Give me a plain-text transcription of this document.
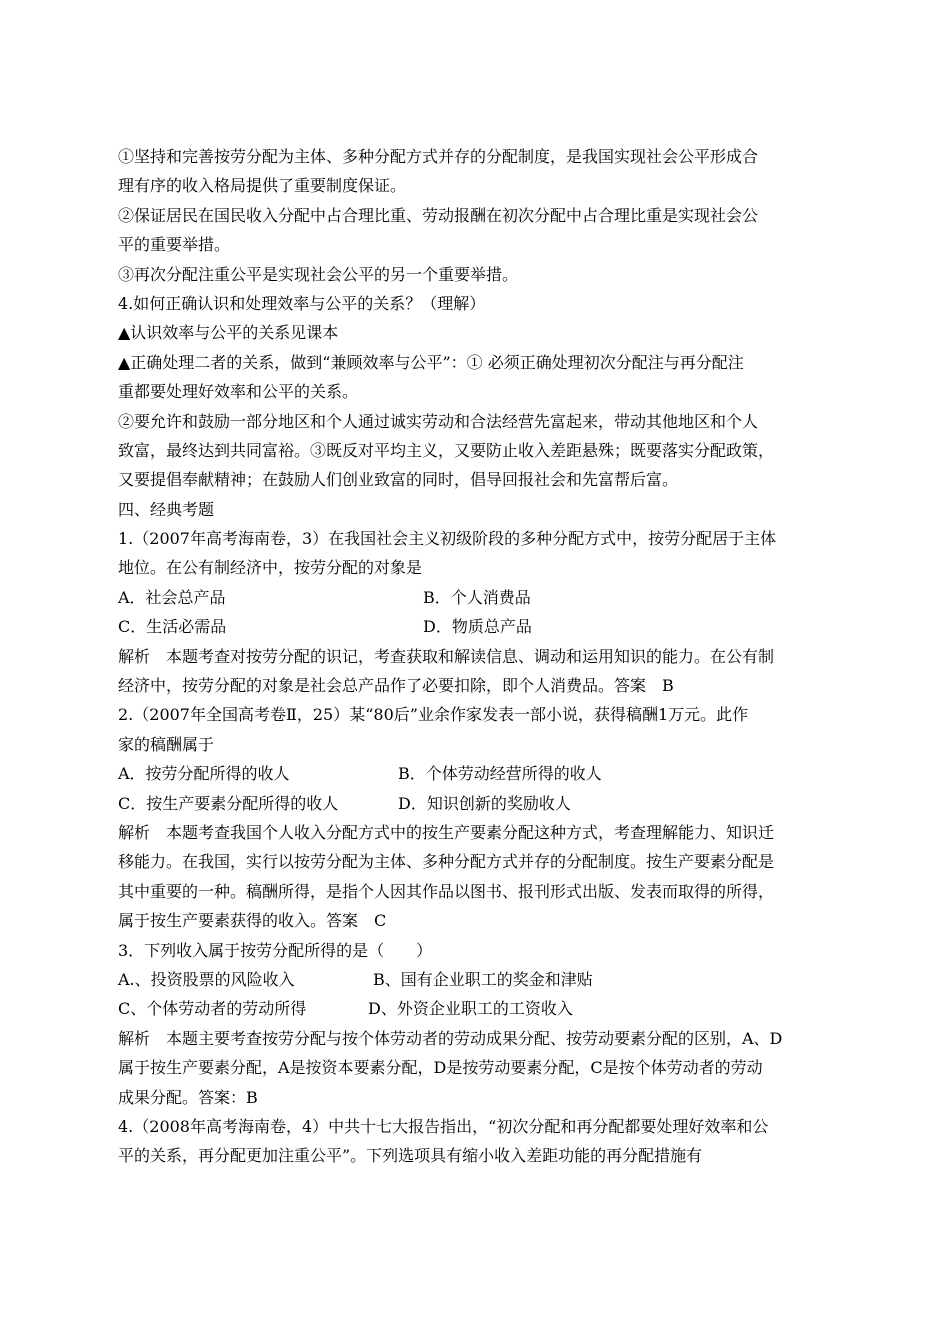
①坚持和完善按劳分配为主体、多种分配方式并存的分配制度，是我国实现社会公平形成合
理有序的收入格局提供了重要制度保证。
②保证居民在国民收入分配中占合理比重、劳动报酬在初次分配中占合理比重是实现社会公
平的重要举措。
③再次分配注重公平是实现社会公平的另一个重要举措。
4.如何正确认识和处理效率与公平的关系？（理解）
▲认识效率与公平的关系见课本
▲正确处理二者的关系，做到“兼顾效率与公平”：① 必须正确处理初次分配注与再分配注
重都要处理好效率和公平的关系。
②要允许和鼓励一部分地区和个人通过诚实劳动和合法经营先富起来，带动其他地区和个人
致富，最终达到共同富裕。③既反对平均主义，又要防止收入差距悬殊；既要落实分配政策，
又要提倡奉献精神；在鼓励人们创业致富的同时，倡导回报社会和先富帮后富。
四、经典考题
1.（2007年高考海南卷，3）在我国社会主义初级阶段的多种分配方式中，按劳分配居于主体
地位。在公有制经济中，按劳分配的对象是
A．社会总产品	B．个人消费品
C．生活必需品	D．物质总产品
解析　本题考查对按劳分配的识记，考查获取和解读信息、调动和运用知识的能力。在公有制
经济中，按劳分配的对象是社会总产品作了必要扣除，即个人消费品。答案　B
2.（2007年全国高考卷Ⅱ，25）某“80后”业余作家发表一部小说，获得稿酬1万元。此作
家的稿酬属于
A．按劳分配所得的收人	B．个体劳动经营所得的收人
C．按生产要素分配所得的收人	D．知识创新的奖励收人
解析　本题考查我国个人收入分配方式中的按生产要素分配这种方式，考查理解能力、知识迁
移能力。在我国，实行以按劳分配为主体、多种分配方式并存的分配制度。按生产要素分配是
其中重要的一种。稿酬所得，是指个人因其作品以图书、报刊形式出版、发表而取得的所得，
属于按生产要素获得的收入。答案　C
3．下列收入属于按劳分配所得的是（　　）
A.、投资股票的风险收入	B、国有企业职工的奖金和津贴
C、个体劳动者的劳动所得	D、外资企业职工的工资收入
解析　本题主要考查按劳分配与按个体劳动者的劳动成果分配、按劳动要素分配的区别，A、D
属于按生产要素分配，A是按资本要素分配，D是按劳动要素分配，C是按个体劳动者的劳动
成果分配。答案：B
4.（2008年高考海南卷，4）中共十七大报告指出，“初次分配和再分配都要处理好效率和公
平的关系，再分配更加注重公平”。下列选项具有缩小收入差距功能的再分配措施有
